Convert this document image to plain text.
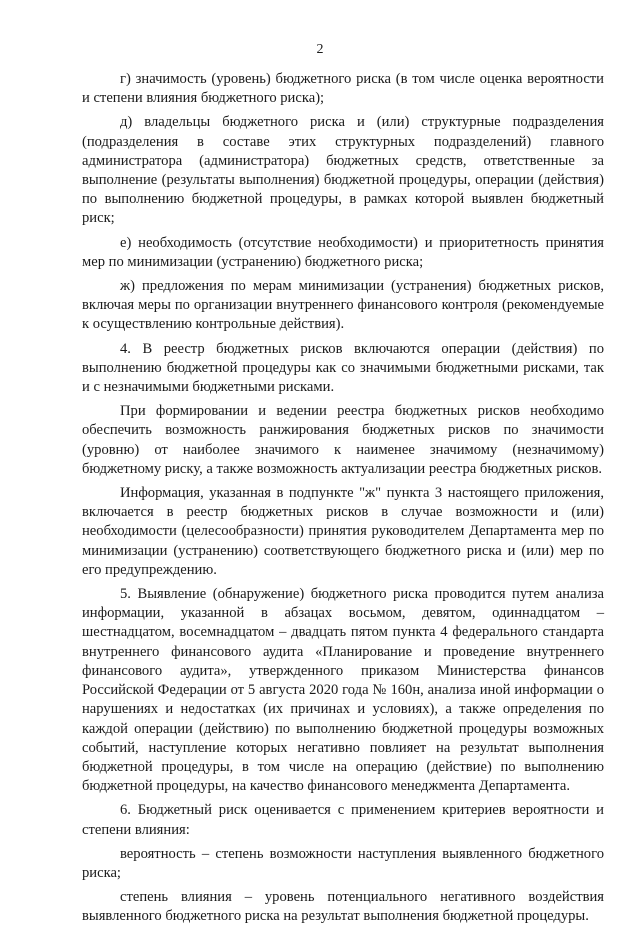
2

г) значимость (уровень) бюджетного риска (в том числе оценка вероятности и степени влияния бюджетного риска);

д) владельцы бюджетного риска и (или) структурные подразделения (подразделения в составе этих структурных подразделений) главного администратора (администратора) бюджетных средств, ответственные за выполнение (результаты выполнения) бюджетной процедуры, операции (действия) по выполнению бюджетной процедуры, в рамках которой выявлен бюджетный риск;

е) необходимость (отсутствие необходимости) и приоритетность принятия мер по минимизации (устранению) бюджетного риска;

ж) предложения по мерам минимизации (устранения) бюджетных рисков, включая меры по организации внутреннего финансового контроля (рекомендуемые к осуществлению контрольные действия).

4. В реестр бюджетных рисков включаются операции (действия) по выполнению бюджетной процедуры как со значимыми бюджетными рисками, так и с незначимыми бюджетными рисками.

При формировании и ведении реестра бюджетных рисков необходимо обеспечить возможность ранжирования бюджетных рисков по значимости (уровню) от наиболее значимого к наименее значимому (незначимому) бюджетному риску, а также возможность актуализации реестра бюджетных рисков.

Информация, указанная в подпункте "ж" пункта 3 настоящего приложения, включается в реестр бюджетных рисков в случае возможности и (или) необходимости (целесообразности) принятия руководителем Департамента мер по минимизации (устранению) соответствующего бюджетного риска и (или) мер по его предупреждению.

5. Выявление (обнаружение) бюджетного риска проводится путем анализа информации, указанной в абзацах восьмом, девятом, одиннадцатом – шестнадцатом, восемнадцатом – двадцать пятом пункта 4 федерального стандарта внутреннего финансового аудита «Планирование и проведение внутреннего финансового аудита», утвержденного приказом Министерства финансов Российской Федерации от 5 августа 2020 года № 160н, анализа иной информации о нарушениях и недостатках (их причинах и условиях), а также определения по каждой операции (действию) по выполнению бюджетной процедуры возможных событий, наступление которых негативно повлияет на результат выполнения бюджетной процедуры, в том числе на операцию (действие) по выполнению бюджетной процедуры, на качество финансового менеджмента Департамента.

6. Бюджетный риск оценивается с применением критериев вероятности и степени влияния:

вероятность – степень возможности наступления выявленного бюджетного риска;

степень влияния – уровень потенциального негативного воздействия выявленного бюджетного риска на результат выполнения бюджетной процедуры.
